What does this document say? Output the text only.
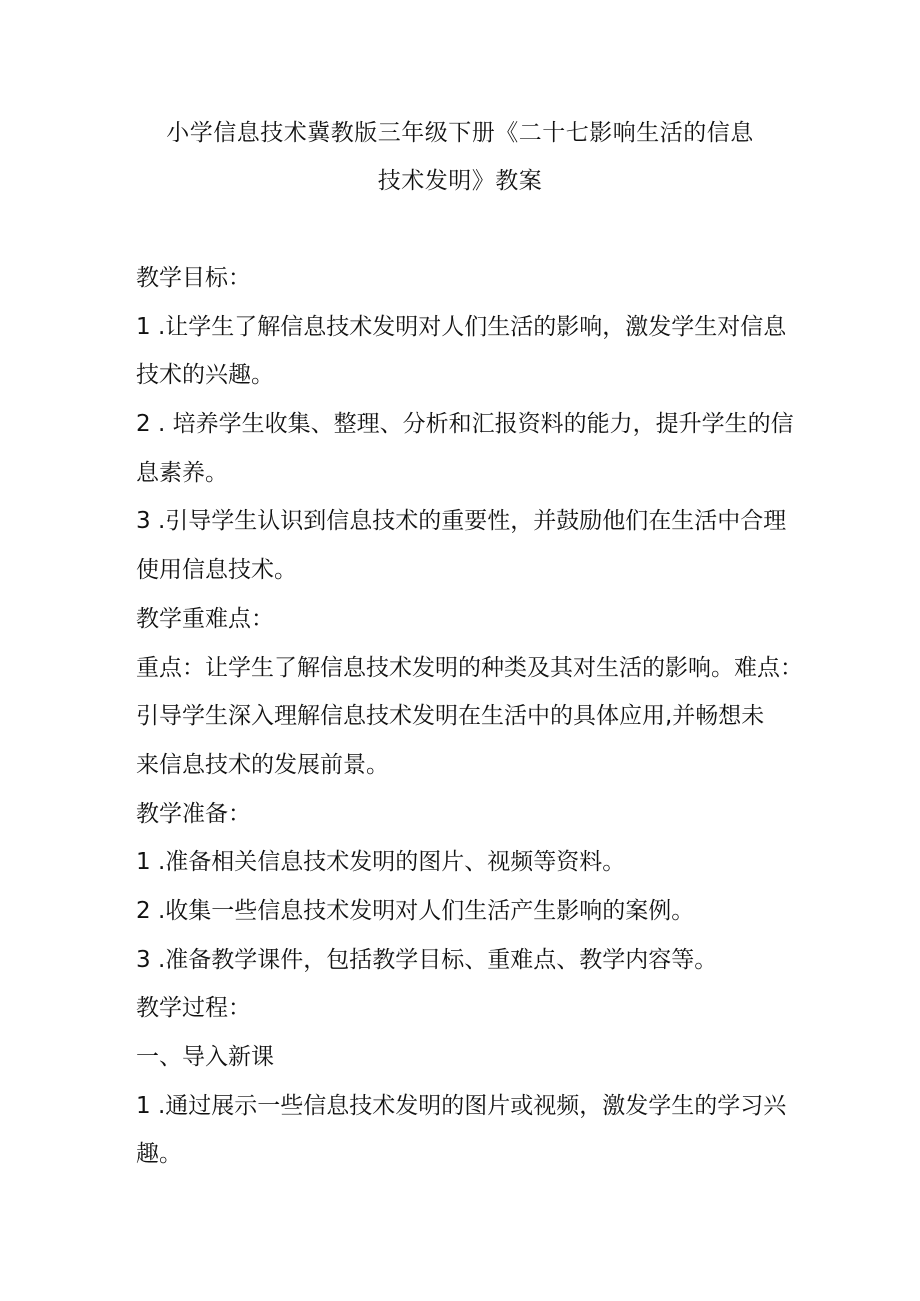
小学信息技术冀教版三年级下册《二十七影响生活的信息
技术发明》教案
教学目标：
1 .让学生了解信息技术发明对人们生活的影响，激发学生对信息
技术的兴趣。
2 . 培养学生收集、整理、分析和汇报资料的能力，提升学生的信
息素养。
3 .引导学生认识到信息技术的重要性，并鼓励他们在生活中合理
使用信息技术。
教学重难点：
重点：让学生了解信息技术发明的种类及其对生活的影响。难点：
引导学生深入理解信息技术发明在生活中的具体应用,并畅想未
来信息技术的发展前景。
教学准备：
1 .准备相关信息技术发明的图片、视频等资料。
2 .收集一些信息技术发明对人们生活产生影响的案例。
3 .准备教学课件，包括教学目标、重难点、教学内容等。
教学过程：
一、导入新课
1 .通过展示一些信息技术发明的图片或视频，激发学生的学习兴
趣。
